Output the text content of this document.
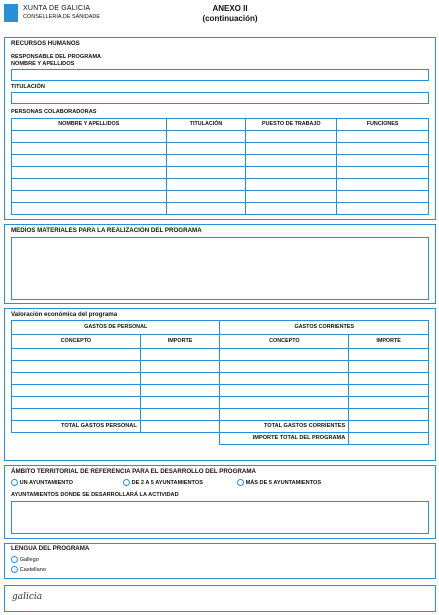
XUNTA DE GALICIA
CONSELLERÍA DE SANIDADE
ANEXO II
(continuación)
RECURSOS HUMANOS
RESPONSABLE DEL PROGRAMA
NOMBRE Y APELLIDOS
TITULACIÓN
PERSONAS COLABORADORAS
NOMBRE Y APELLIDOS	TITULACIÓN	PUESTO DE TRABAJO	FUNCIONES

MEDIOS MATERIALES PARA LA REALIZACIÓN DEL PROGRAMA
Valoración económica del programa
GASTOS DE PERSONAL		GASTOS CORRIENTES	

CONCEPTO	IMPORTE	CONCEPTO	IMPORTE

TOTAL GASTOS PERSONAL		TOTAL GASTOS CORRIENTES	

		IMPORTE TOTAL DEL PROGRAMA	

ÁMBITO TERRITORIAL DE REFERENCIA PARA EL DESARROLLO DEL PROGRAMA
UN AYUNTAMIENTO	DE 2 A 5 AYUNTAMIENTOS	MÁS DE 5 AYUNTAMIENTOS
AYUNTAMIENTOS DONDE SE DESARROLLARÁ LA ACTIVIDAD
LENGUA DEL PROGRAMA
Gallego
Castellano
galicia
